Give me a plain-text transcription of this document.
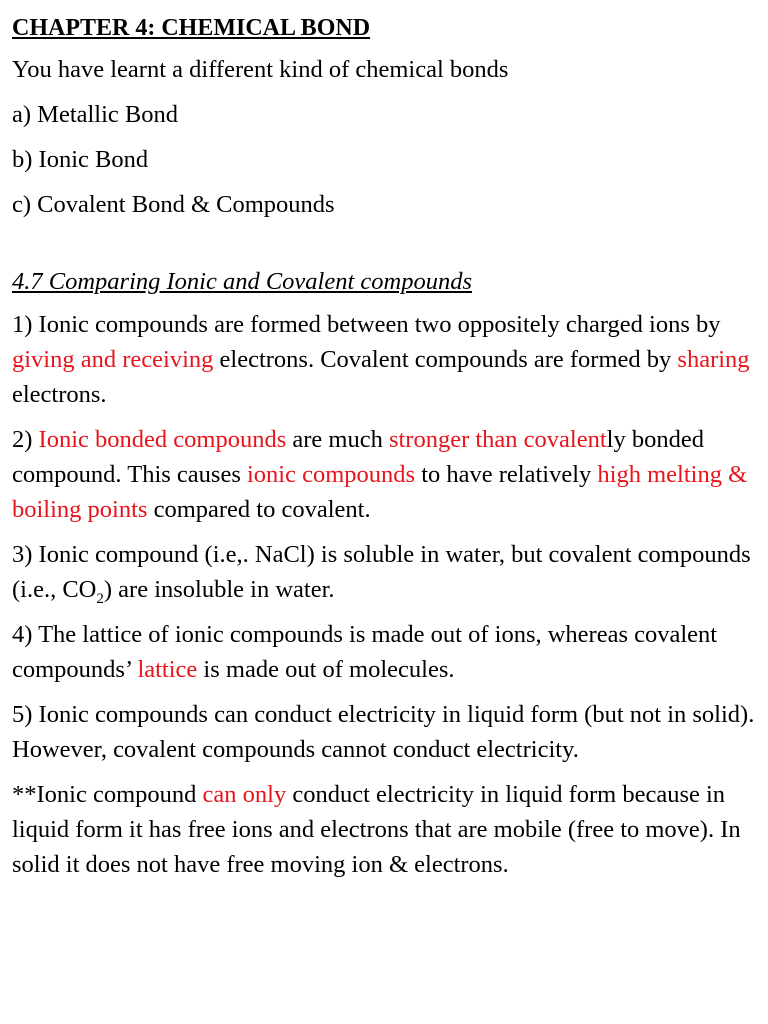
CHAPTER 4: CHEMICAL BOND
You have learnt a different kind of chemical bonds
a) Metallic Bond
b) Ionic Bond
c) Covalent Bond & Compounds
4.7 Comparing Ionic and Covalent compounds
1) Ionic compounds are formed between two oppositely charged ions by giving and receiving electrons. Covalent compounds are formed by sharing electrons.
2) Ionic bonded compounds are much stronger than covalently bonded compound. This causes ionic compounds to have relatively high melting & boiling points compared to covalent.
3) Ionic compound (i.e,. NaCl) is soluble in water, but covalent compounds (i.e., $CO_2$) are insoluble in water.
4) The lattice of ionic compounds is made out of ions, whereas covalent compounds’ lattice is made out of molecules.
5) Ionic compounds can conduct electricity in liquid form (but not in solid). However, covalent compounds cannot conduct electricity.
**Ionic compound can only conduct electricity in liquid form because in liquid form it has free ions and electrons that are mobile (free to move). In solid it does not have free moving ion & electrons.
